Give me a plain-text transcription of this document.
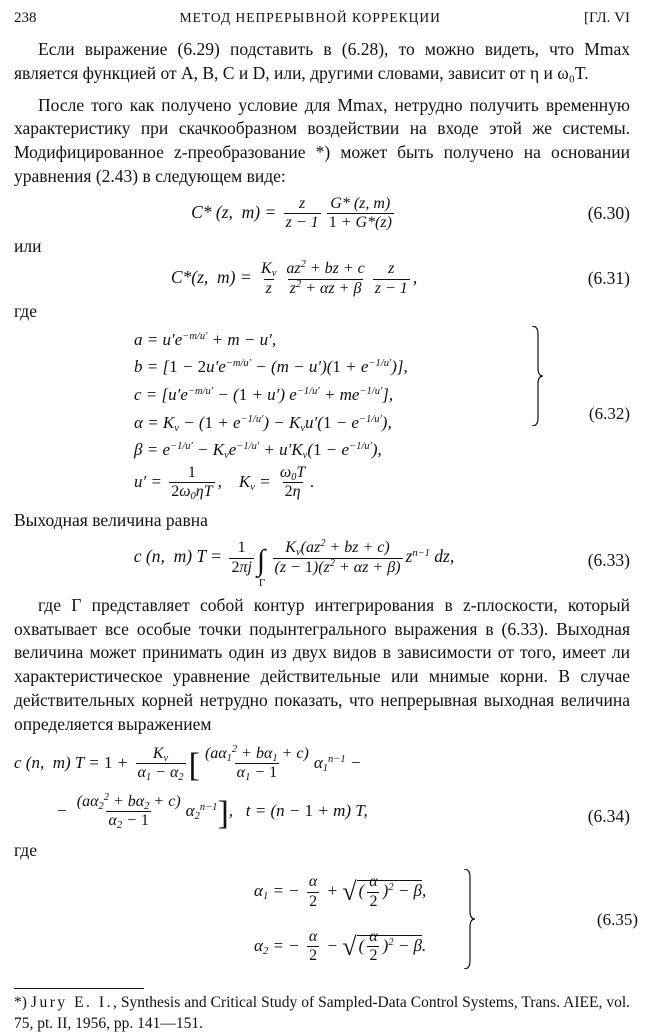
238	МЕТОД НЕПРЕРЫВНОЙ КОРРЕКЦИИ	[ГЛ. VI

Если выражение (6.29) подставить в (6.28), то можно видеть, что Mmax является функцией от A, B, C и D, или, другими словами, зависит от η и ω₀T.

После того как получено условие для Mmax, нетрудно получить временную характеристику при скачкообразном воздействии на входе этой же системы. Модифицированное z-преобразование *) может быть получено на основании уравнения (2.43) в следующем виде:

C* (z,  $m) = \frac{z}{z - 1} \frac{G* (z, m)}{1 + G*(z)}$	(6.30)
или
C*(z,  $m) = \frac{K_v}{z} \frac{az^2 + bz + c}{z^2 + \alpha z + \beta} \frac{z}{z - 1}$ ,	(6.31)
где
$a = u'e^{-m/u'} + m - u'$,
$b = [1 - 2u'e^{-m/u'} - (m - u')(1 + e^{-1/u'})]$,
$c = [u'e^{-m/u'} - (1 + u') e^{-1/u'} + me^{-1/u'}]$,
$\alpha = K_v - (1 + e^{-1/u'}) - K_vu'(1 - e^{-1/u'})$,
$\beta = e^{-1/u'} - K_ve^{-1/u'} + u'K_v(1 - e^{-1/u'})$,
$u' = \frac{1}{2\omega_0\eta T}$ ,    $K_v = \frac{\omega_0T}{2\eta}$ .
(6.32)

Выходная величина равна

c (n,  m) $T = \frac{1}{2\pi j}$ ∫
Γ

$\frac{K_v(az^2 + bz + c)}{(z - 1)(z^2 + \alpha z + \beta)} z^{n-1}$ dz,	(6.33)

где Γ представляет собой контур интегрирования в z-плоскости, который охватывает все особые точки подынтегрального выражения в (6.33). Выходная величина может принимать один из двух видов в зависимости от того, имеет ли характеристическое уравнение действительные или мнимые корни. В случае действительных корней нетрудно показать, что непрерывная выходная величина определяется выражением

c (n,  m) $T = 1 + \frac{K_v}{\alpha_1 - \alpha_2}$ [ $\frac{(a\alpha_1^2 + b\alpha_1 + c)}{\alpha_1 - 1} \alpha_1^{n-1}$ −
− $\frac{(a\alpha_2^2 + b\alpha_2 + c)}{\alpha_2 - 1} \alpha_2^{n-1}$],   t = (n − 1 + m) T,	(6.34)
где
$\alpha_1$ = − $\frac{\alpha}{2}$ + √ ( $\frac{\alpha}{2} )^2 - \beta$,
$\alpha_2$ = − $\frac{\alpha}{2}$ − √ ( $\frac{\alpha}{2} )^2 - \beta$.
(6.35)
*) Jury E. I., Synthesis and Critical Study of Sampled-Data Control Systems, Trans. AIEE, vol. 75, pt. II, 1956, pp. 141—151.
